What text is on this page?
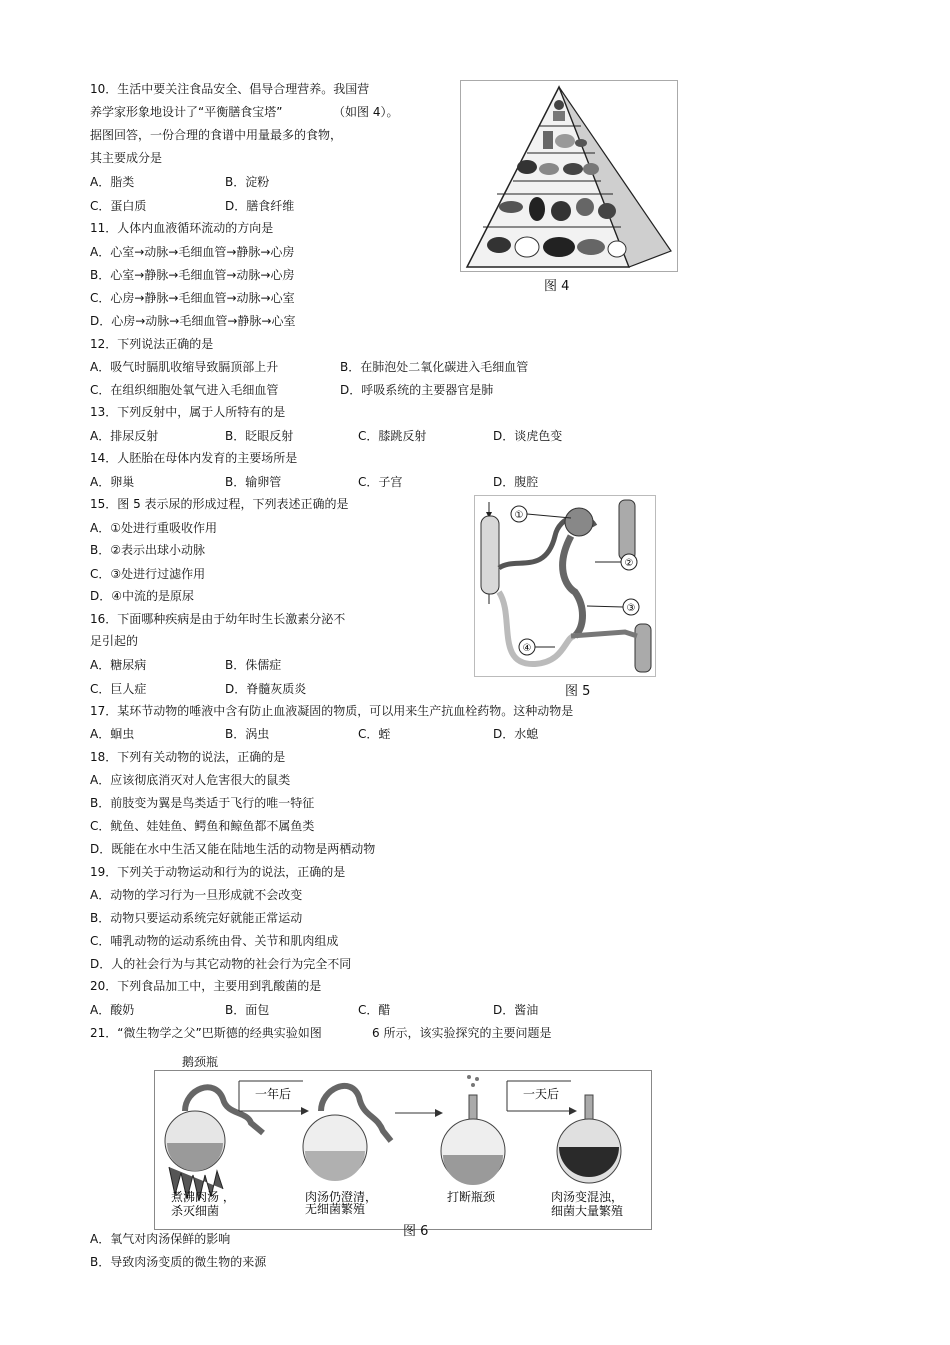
10．生活中要关注食品安全、倡导合理营养。我国营
养学家形象地设计了“平衡膳食宝塔”	（如图 4）。
据图回答，一份合理的食谱中用量最多的食物，
其主要成分是
A．脂类	B．淀粉
C．蛋白质	D．膳食纤维
11．人体内血液循环流动的方向是
A．心室→动脉→毛细血管→静脉→心房
B．心室→静脉→毛细血管→动脉→心房
C．心房→静脉→毛细血管→动脉→心室
D．心房→动脉→毛细血管→静脉→心室
12．下列说法正确的是
A．吸气时膈肌收缩导致膈顶部上升	B．在肺泡处二氧化碳进入毛细血管
C．在组织细胞处氧气进入毛细血管	D．呼吸系统的主要器官是肺
13．下列反射中，属于人所特有的是
A．排尿反射	B．眨眼反射	C．膝跳反射	D．谈虎色变
14．人胚胎在母体内发育的主要场所是
A．卵巢	B．输卵管	C．子宫	D．腹腔
15．图 5 表示尿的形成过程，下列表述正确的是
A．①处进行重吸收作用
B．②表示出球小动脉
C．③处进行过滤作用
D．④中流的是原尿
16．下面哪种疾病是由于幼年时生长激素分泌不
足引起的
A．糖尿病	B．侏儒症
C．巨人症	D．脊髓灰质炎
17．某环节动物的唾液中含有防止血液凝固的物质，可以用来生产抗血栓药物。这种动物是
A．蛔虫	B．涡虫	C．蛭	D．水螅
18．下列有关动物的说法，正确的是
A．应该彻底消灭对人危害很大的鼠类
B．前肢变为翼是鸟类适于飞行的唯一特征
C．鱿鱼、娃娃鱼、鳄鱼和鲸鱼都不属鱼类
D．既能在水中生活又能在陆地生活的动物是两栖动物
19．下列关于动物运动和行为的说法，正确的是
A．动物的学习行为一旦形成就不会改变
B．动物只要运动系统完好就能正常运动
C．哺乳动物的运动系统由骨、关节和肌肉组成
D．人的社会行为与其它动物的社会行为完全不同
20．下列食品加工中，主要用到乳酸菌的是
A．酸奶	B．面包	C．醋	D．酱油
21．“微生物学之父”巴斯德的经典实验如图	6 所示，该实验探究的主要问题是
A．氧气对肉汤保鲜的影响
B．导致肉汤变质的微生物的来源
图 4
①
②
③
④
图 5
鹅颈瓶
一年后	一天后
煮沸肉汤 ，
杀灭细菌
肉汤仍澄清，
无细菌繁殖
打断瓶颈	肉汤变混浊，
细菌大量繁殖
图 6
